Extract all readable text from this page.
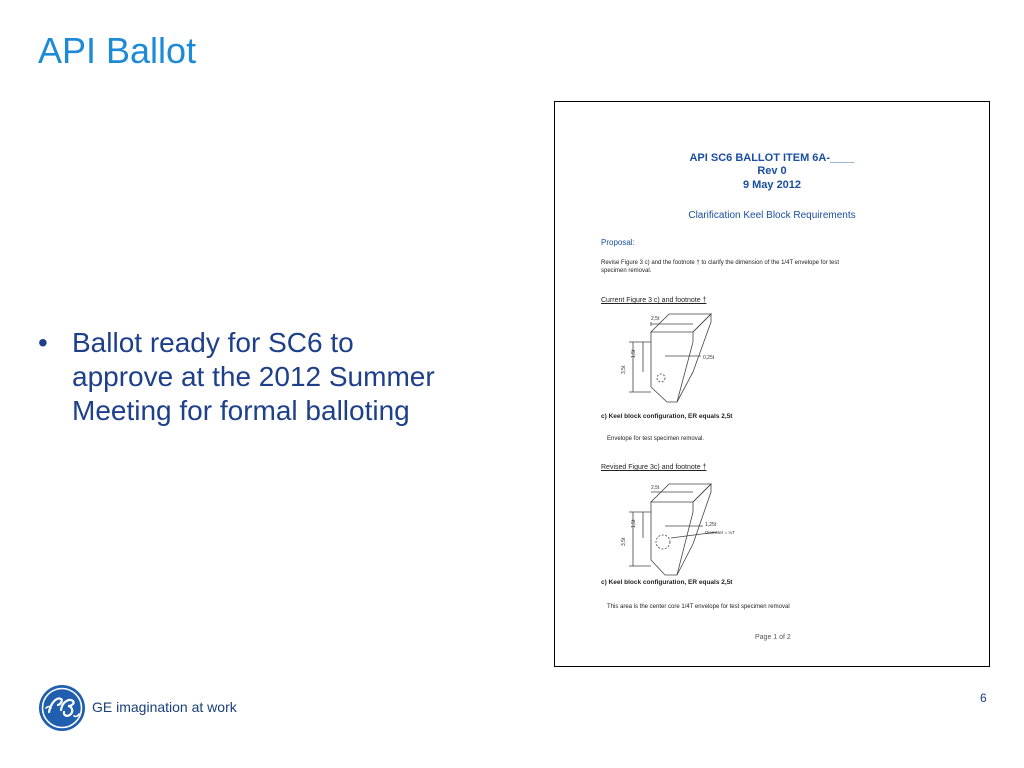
API Ballot
• Ballot ready for SC6 to
approve at the 2012 Summer
Meeting for formal balloting
API SC6 BALLOT ITEM 6A-____
Rev 0
9 May 2012
Clarification Keel Block Requirements
Proposal:
Revise Figure 3 c) and the footnote † to clarify the dimension of the 1/4T envelope for test
specimen removal.
Current Figure 3 c) and footnote †
2,5t
1,5t
3,5t
0,25t
c) Keel block configuration, ER equals 2,5t
Envelope for test specimen removal.
Revised Figure 3c) and footnote †
2,5t
1,5t
3,5t
1,25t
Diameter = ¼T
c) Keel block configuration, ER equals 2,5t
This area is the center core 1/4T envelope for test specimen removal
Page 1 of 2
GE imagination at work
6
